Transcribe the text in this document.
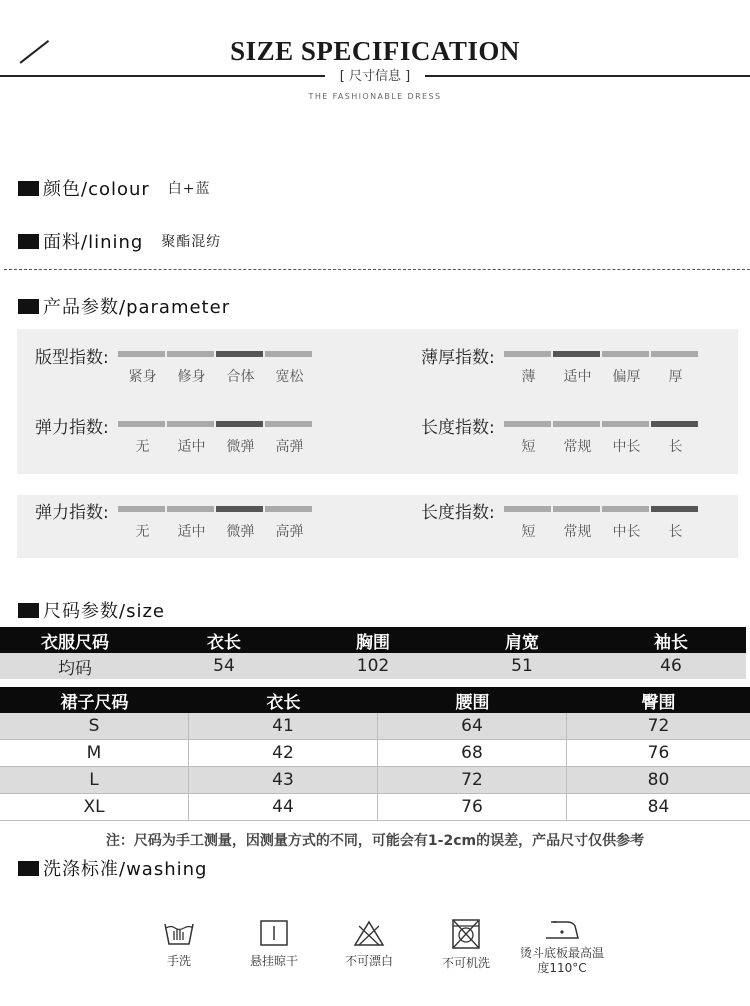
SIZE SPECIFICATION
[ 尺寸信息 ]
THE FASHIONABLE DRESS
颜色/colour 白+蓝
面料/lining 聚酯混纺
产品参数/parameter
版型指数:
紧身	修身	合体	宽松
薄厚指数:
薄	适中	偏厚	厚
弹力指数:
无	适中	微弹	高弹
长度指数:
短	常规	中长	长
弹力指数:
无	适中	微弹	高弹
长度指数:
短	常规	中长	长
尺码参数/size
衣服尺码	衣长	胸围	肩宽	袖长
均码	54	102	51	46
裙子尺码	衣长	腰围	臀围
S	41	64	72
M	42	68	76
L	43	72	80
XL	44	76	84
注：尺码为手工测量，因测量方式的不同，可能会有1-2cm的误差，产品尺寸仅供参考
洗涤标准/washing
手洗	悬挂晾干	不可漂白	不可机洗
烫斗底板最高温度110°C
